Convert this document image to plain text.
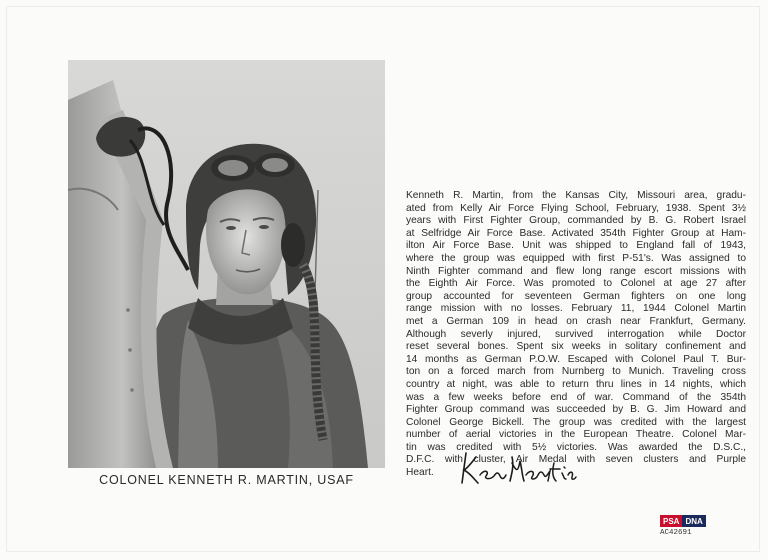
COLONEL KENNETH R. MARTIN, USAF
Kenneth R. Martin, from the Kansas City, Missouri area, gradu-
ated from Kelly Air Force Flying School, February, 1938. Spent 3½
years with First Fighter Group, commanded by B. G. Robert Israel
at Selfridge Air Force Base. Activated 354th Fighter Group at Ham-
ilton Air Force Base. Unit was shipped to England fall of 1943,
where the group was equipped with first P-51's. Was assigned to
Ninth Fighter command and flew long range escort missions with
the Eighth Air Force. Was promoted to Colonel at age 27 after
group accounted for seventeen German fighters on one long
range mission with no losses. February 11, 1944 Colonel Martin
met a German 109 in head on crash near Frankfurt, Germany.
Although severly injured, survived interrogation while Doctor
reset several bones. Spent six weeks in solitary confinement and
14 months as German P.O.W. Escaped with Colonel Paul T. Bur-
ton on a forced march from Nurnberg to Munich. Traveling cross
country at night, was able to return thru lines in 14 nights, which
was a few weeks before end of war. Command of the 354th
Fighter Group command was succeeded by B. G. Jim Howard and
Colonel George Bickell. The group was credited with the largest
number of aerial victories in the European Theatre. Colonel Mar-
tin was credited with 5½ victories. Was awarded the D.S.C.,
D.F.C. with cluster, Air Medal with seven clusters and Purple
Heart.
PSA DNA
AC42691
